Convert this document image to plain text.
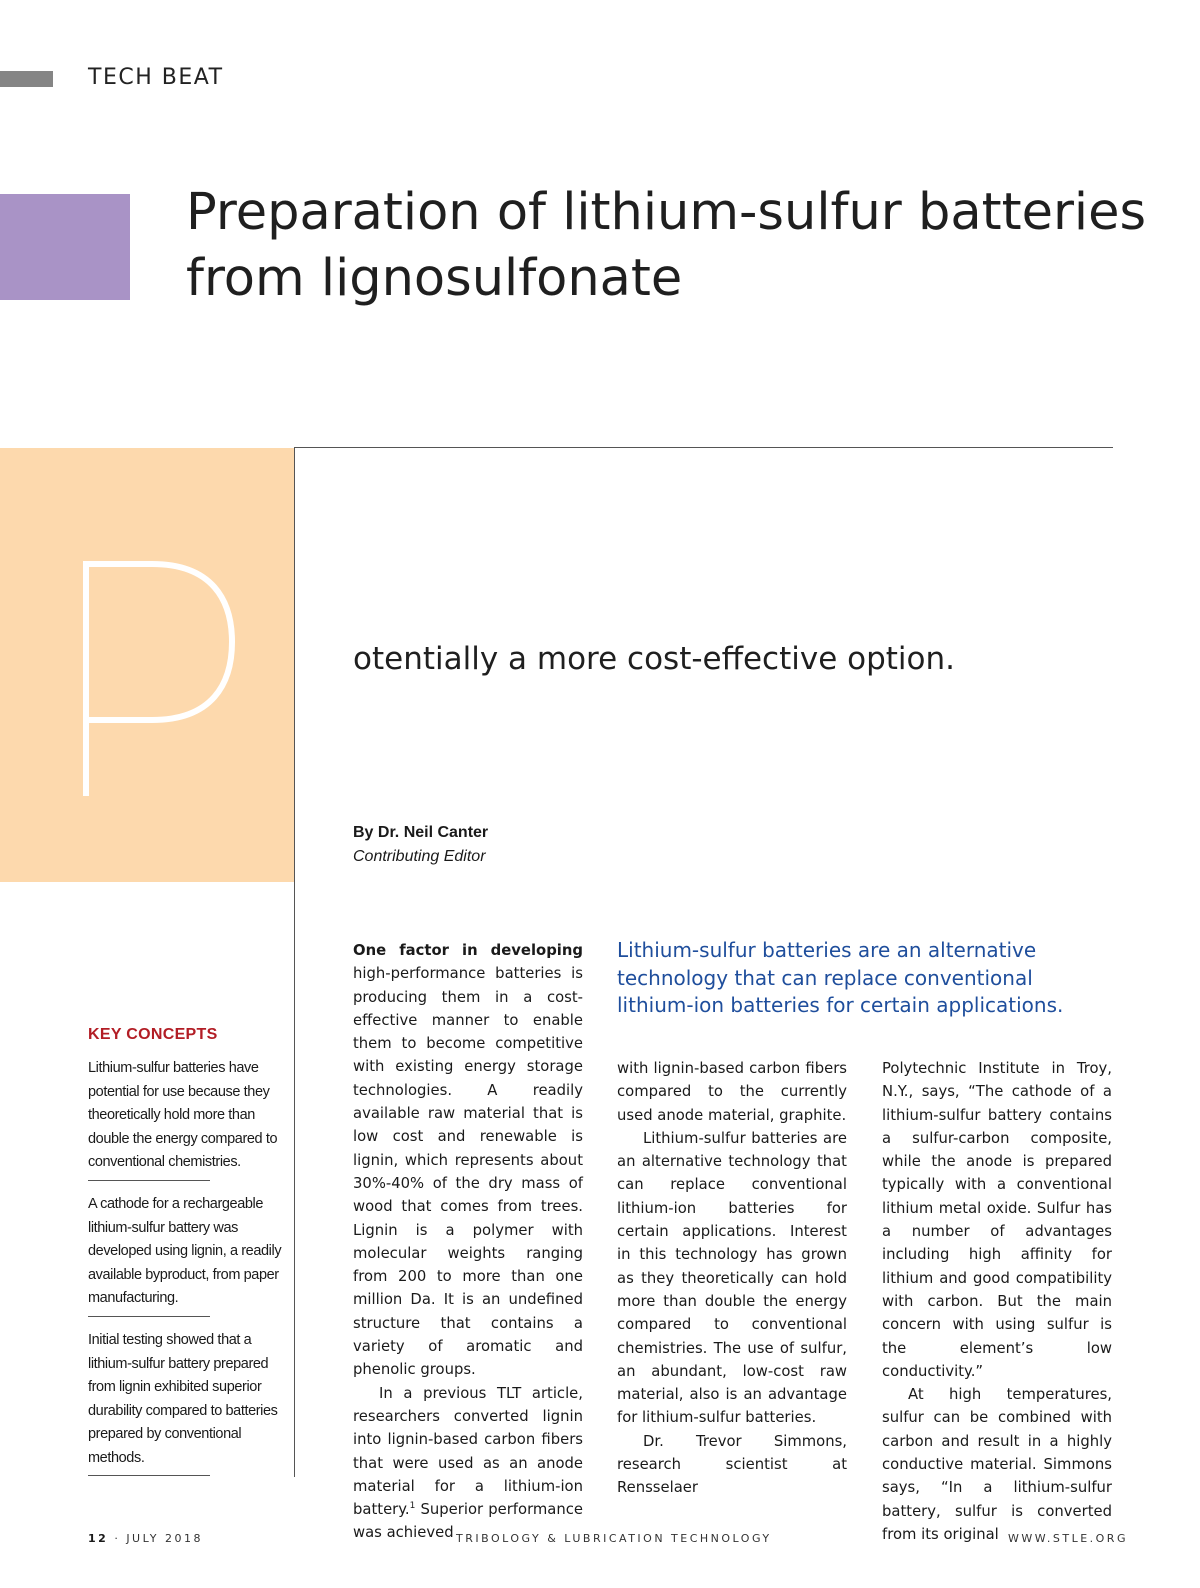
TECH BEAT
Preparation of lithium-sulfur batteries
from lignosulfonate
otentially a more cost-effective option.
By Dr. Neil Canter
Contributing Editor
KEY CONCEPTS
Lithium-sulfur batteries have potential for use because they theoretically hold more than double the energy compared to conventional chemistries.
A cathode for a rechargeable lithium-sulfur battery was developed using lignin, a readily available byproduct, from paper manufacturing.
Initial testing showed that a lithium-sulfur battery prepared from lignin exhibited superior durability compared to batteries prepared by conventional methods.

One factor in developing high-performance batteries is producing them in a cost-effective manner to enable them to become competitive with existing energy storage technologies. A readily available raw material that is low cost and renewable is lignin, which represents about 30%-40% of the dry mass of wood that comes from trees. Lignin is a polymer with molecular weights ranging from 200 to more than one million Da. It is an undefined structure that contains a variety of aromatic and phenolic groups.

In a previous TLT article, researchers converted lignin into lignin-based carbon fibers that were used as an anode material for a lithium-ion battery.$^1$ Superior performance was achieved

Lithium-sulfur batteries are an alternative technology that can replace conventional lithium-ion batteries for certain applications.

with lignin-based carbon fibers compared to the currently used anode material, graphite.

Lithium-sulfur batteries are an alternative technology that can replace conventional lithium-ion batteries for certain applications. Interest in this technology has grown as they theoretically can hold more than double the energy compared to conventional chemistries. The use of sulfur, an abundant, low-cost raw material, also is an advantage for lithium-sulfur batteries.

Dr. Trevor Simmons, research scientist at Rensselaer

Polytechnic Institute in Troy, N.Y., says, “The cathode of a lithium-sulfur battery contains a sulfur-carbon composite, while the anode is prepared typically with a conventional lithium metal oxide. Sulfur has a number of advantages including high affinity for lithium and good compatibility with carbon. But the main concern with using sulfur is the element’s low conductivity.”

At high temperatures, sulfur can be combined with carbon and result in a highly conductive material. Simmons says, “In a lithium-sulfur battery, sulfur is converted from its original

12 · JULY 2018	TRIBOLOGY & LUBRICATION TECHNOLOGY	WWW.STLE.ORG
